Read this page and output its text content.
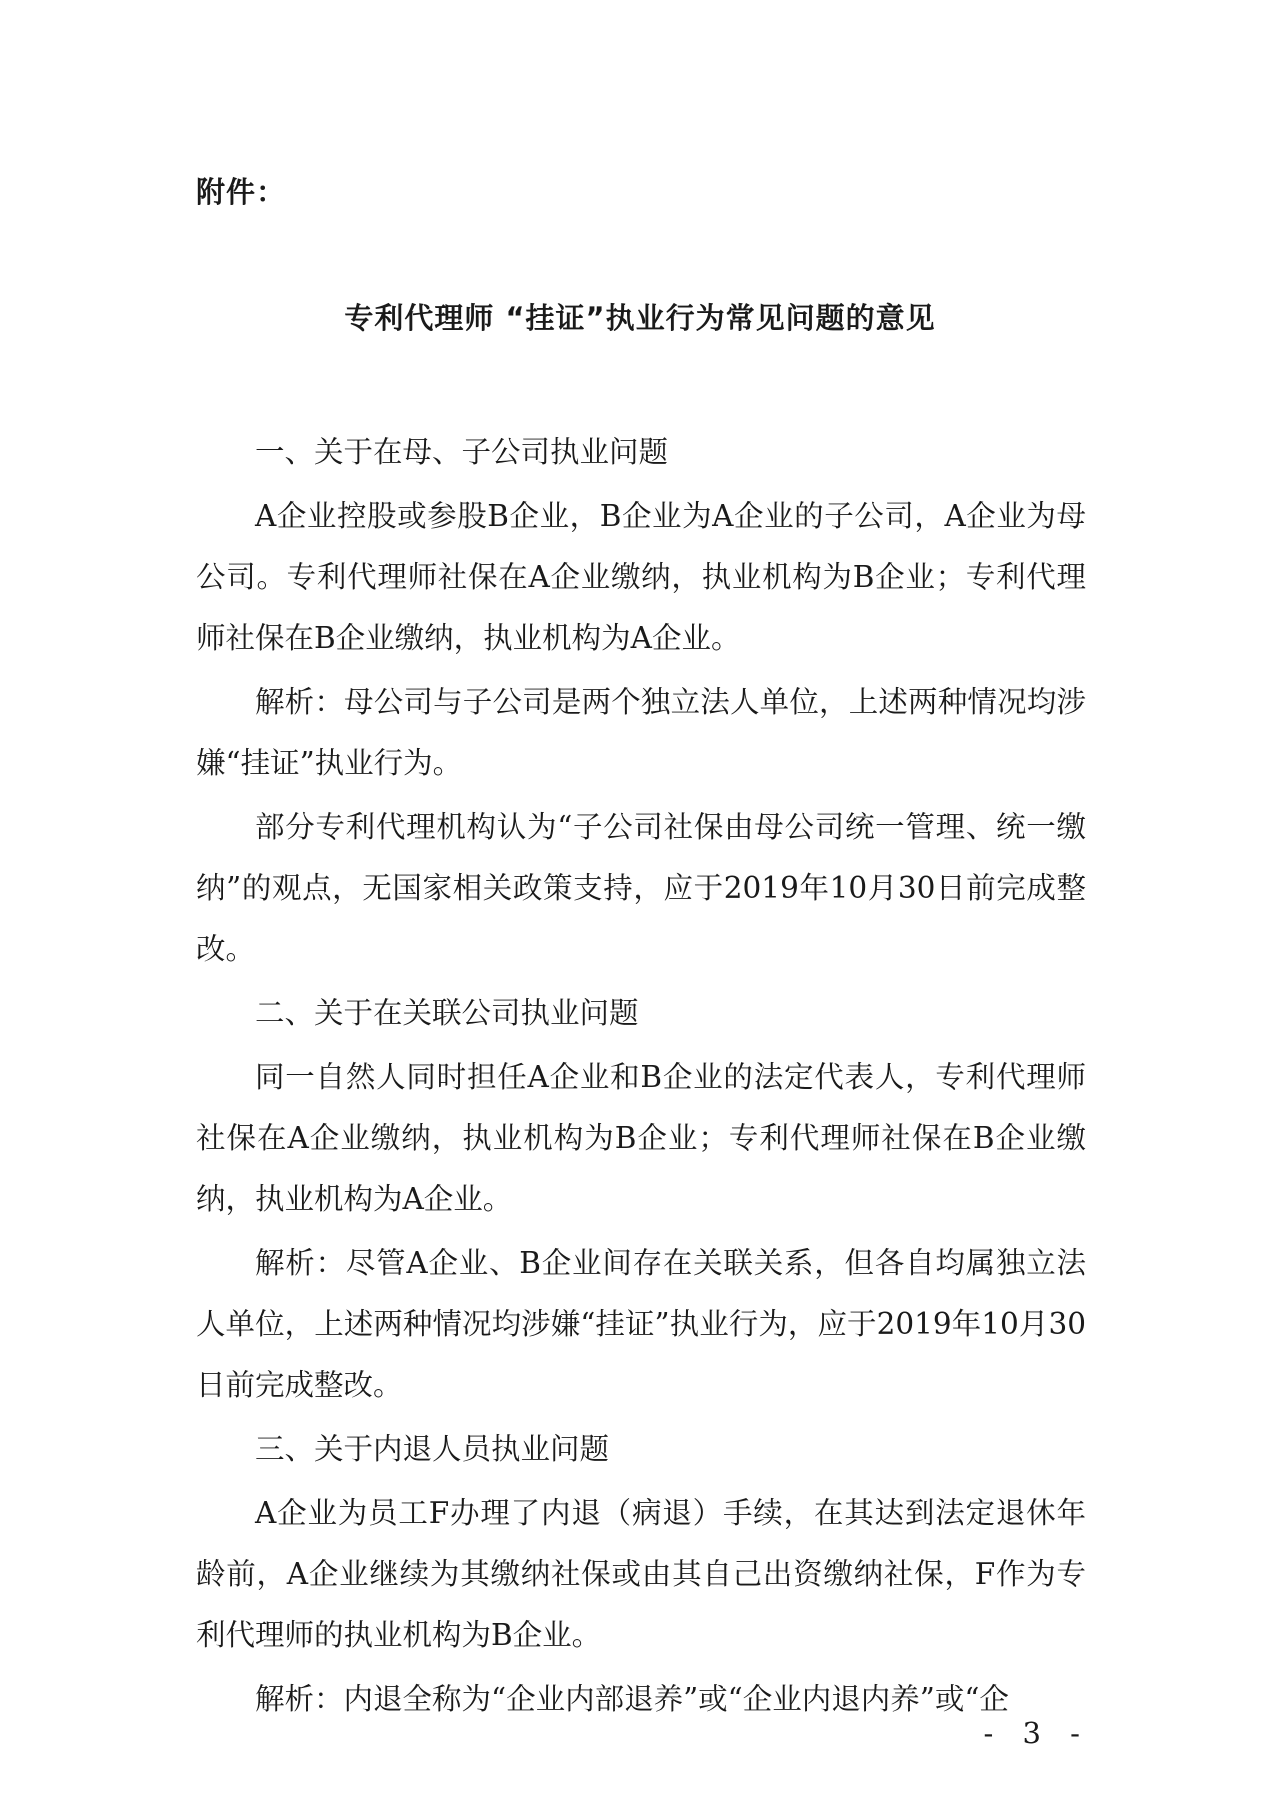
附件：
专利代理师 “挂证”执业行为常见问题的意见

一、关于在母、子公司执业问题

A企业控股或参股B企业，B企业为A企业的子公司，A企业为母公司。专利代理师社保在A企业缴纳，执业机构为B企业；专利代理师社保在B企业缴纳，执业机构为A企业。

解析：母公司与子公司是两个独立法人单位，上述两种情况均涉嫌“挂证”执业行为。

部分专利代理机构认为“子公司社保由母公司统一管理、统一缴纳”的观点，无国家相关政策支持，应于2019年10月30日前完成整改。

二、关于在关联公司执业问题

同一自然人同时担任A企业和B企业的法定代表人，专利代理师社保在A企业缴纳，执业机构为B企业；专利代理师社保在B企业缴纳，执业机构为A企业。

解析：尽管A企业、B企业间存在关联关系，但各自均属独立法人单位，上述两种情况均涉嫌“挂证”执业行为，应于2019年10月30日前完成整改。

三、关于内退人员执业问题

A企业为员工F办理了内退（病退）手续，在其达到法定退休年龄前，A企业继续为其缴纳社保或由其自己出资缴纳社保，F作为专利代理师的执业机构为B企业。

解析：内退全称为“企业内部退养”或“企业内退内养”或“企

- 3 -
